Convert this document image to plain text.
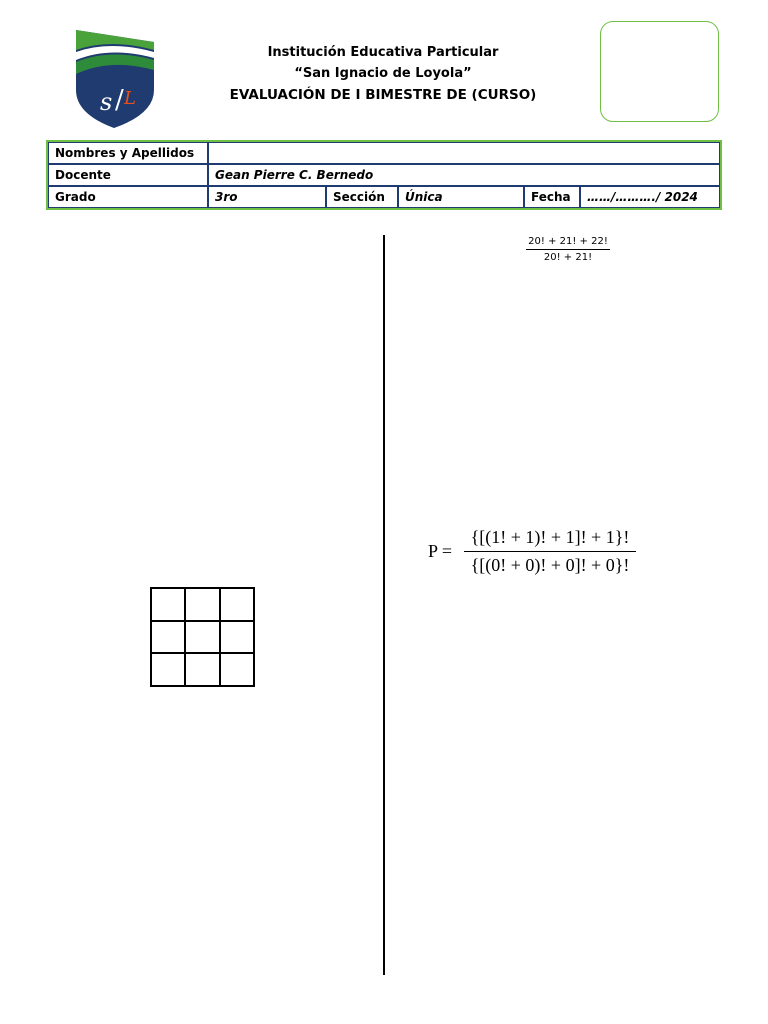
s / L
Institución Educativa Particular
“San Ignacio de Loyola”
EVALUACIÓN DE I BIMESTRE DE (CURSO)
Nombres y Apellidos					
Docente	Gean Pierre C. Bernedo				
Grado	3ro	Sección	Única	Fecha	……/………./ 2024
20! + 21! + 22!
20! + 21!
P =
{[(1! + 1)! + 1]! + 1}!
{[(0! + 0)! + 0]! + 0}!
